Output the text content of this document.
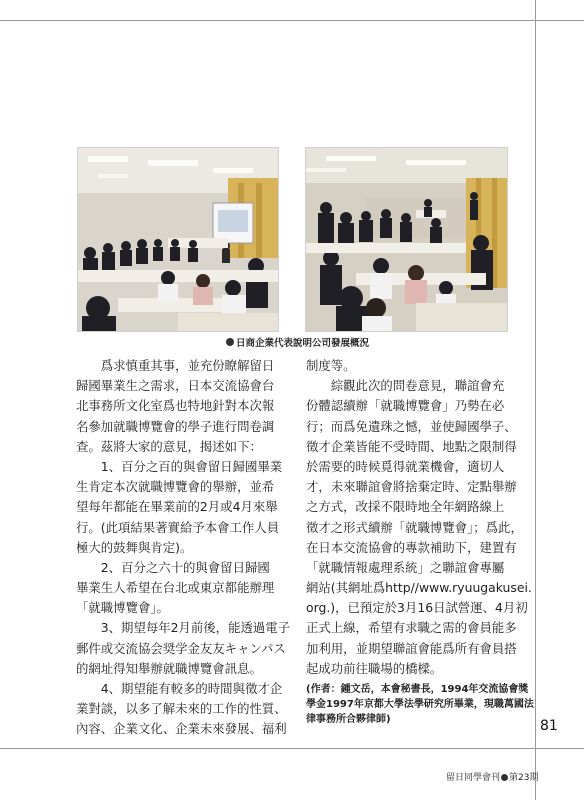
日商企業代表說明公司發展概況
　　爲求慎重其事，並充份瞭解留日
歸國畢業生之需求，日本交流協會台
北事務所文化室爲也特地針對本次報
名參加就職博覽會的學子進行問卷調
查。茲將大家的意見，揭述如下：
　　1、百分之百的與會留日歸國畢業
生肯定本次就職博覽會的舉辦，並希
望每年都能在畢業前的2月或4月來舉
行。(此項結果著實給予本會工作人員
極大的鼓舞與肯定)。
　　2、百分之六十的與會留日歸國
畢業生人希望在台北或東京都能辦理
「就職博覽會」。
　　3、期望每年2月前後，能透過電子
郵件或交流協会奨学金友友キャンパス
的網址得知舉辦就職博覽會訊息。
　　4、期望能有較多的時間與徵才企
業對談，以多了解未來的工作的性質、
內容、企業文化、企業未來發展、福利
制度等。
　　綜觀此次的問卷意見，聯誼會充
份體認續辦「就職博覽會」乃勢在必
行；而爲免遺珠之憾，並使歸國學子、
徵才企業皆能不受時間、地點之限制得
於需要的時候覓得就業機會，適切人
才，未來聯誼會將捨棄定時、定點舉辦
之方式，改採不限時地全年網路線上
徵才之形式續辦「就職博覽會」；爲此，
在日本交流協會的專款補助下，建置有
「就職情報處理系統」之聯誼會專屬
網站(其網址爲http//www.ryuugakusei.
org.)，已預定於3月16日試營運、4月初
正式上線，希望有求職之需的會員能多
加利用，並期望聯誼會能爲所有會員搭
起成功前往職場的橋樑。
(作者：鍾文岳，本會秘書長，1994年交流協會獎
學金1997年京都大學法學研究所畢業，現職萬國法
律事務所合夥律師)	81
留日同學會刊 第23期
